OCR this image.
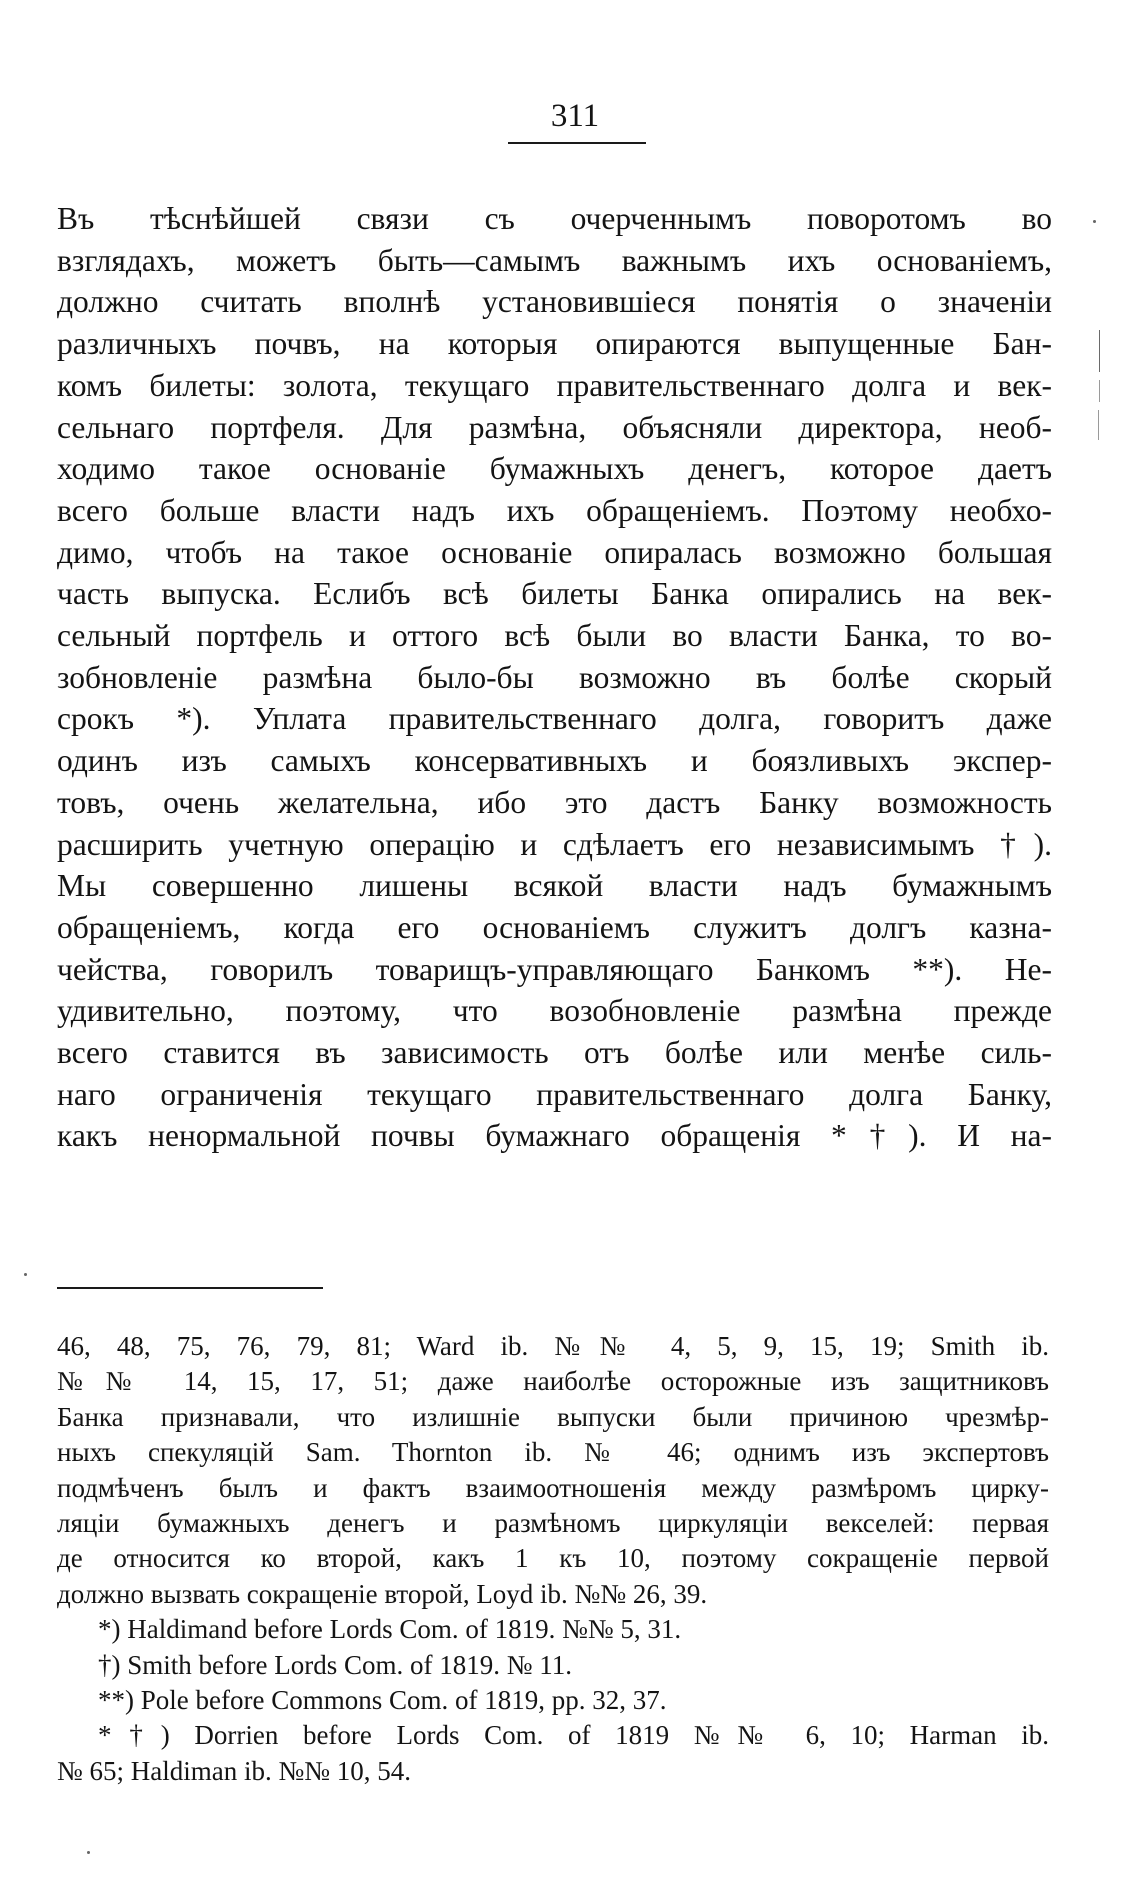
311
Въ тѣснѣйшей связи съ очерченнымъ поворотомъ во
взглядахъ, можетъ быть—самымъ важнымъ ихъ основаніемъ,
должно считать вполнѣ установившіеся понятія о значеніи
различныхъ почвъ, на которыя опираются выпущенные Бан-
комъ билеты: золота, текущаго правительственнаго долга и век-
сельнаго портфеля. Для размѣна, объясняли директора, необ-
ходимо такое основаніе бумажныхъ денегъ, которое даетъ
всего больше власти надъ ихъ обращеніемъ. Поэтому необхо-
димо, чтобъ на такое основаніе опиралась возможно большая
часть выпуска. Еслибъ всѣ билеты Банка опирались на век-
сельный портфель и оттого всѣ были во власти Банка, то во-
зобновленіе размѣна было-бы возможно въ болѣе скорый
срокъ *). Уплата правительственнаго долга, говоритъ даже
одинъ изъ самыхъ консервативныхъ и боязливыхъ экспер-
товъ, очень желательна, ибо это дастъ Банку возможность
расширить учетную операцію и сдѣлаетъ его независимымъ †).
Мы совершенно лишены всякой власти надъ бумажнымъ
обращеніемъ, когда его основаніемъ служитъ долгъ казна-
чейства, говорилъ товарищъ-управляющаго Банкомъ **). Не-
удивительно, поэтому, что возобновленіе размѣна прежде
всего ставится въ зависимость отъ болѣе или менѣе силь-
наго ограниченія текущаго правительственнаго долга Банку,
какъ ненормальной почвы бумажнаго обращенія *†). И на-
46, 48, 75, 76, 79, 81; Ward ib. №№ 4, 5, 9, 15, 19; Smith ib.
№№ 14, 15, 17, 51; даже наиболѣе осторожные изъ защитниковъ
Банка признавали, что излишніе выпуски были причиною чрезмѣр-
ныхъ спекуляцій Sam. Thornton ib. № 46; однимъ изъ экспертовъ
подмѣченъ былъ и фактъ взаимоотношенія между размѣромъ цирку-
ляціи бумажныхъ денегъ и размѣномъ циркуляціи векселей: первая
де относится ко второй, какъ 1 къ 10, поэтому сокращеніе первой
должно вызвать сокращеніе второй, Loyd ib. №№ 26, 39.
*) Haldimand before Lords Com. of 1819. №№ 5, 31.
†) Smith before Lords Com. of 1819. № 11.
**) Pole before Commons Com. of 1819, pp. 32, 37.
*†) Dorrien before Lords Com. of 1819 №№ 6, 10; Harman ib.
№ 65; Haldiman ib. №№ 10, 54.
